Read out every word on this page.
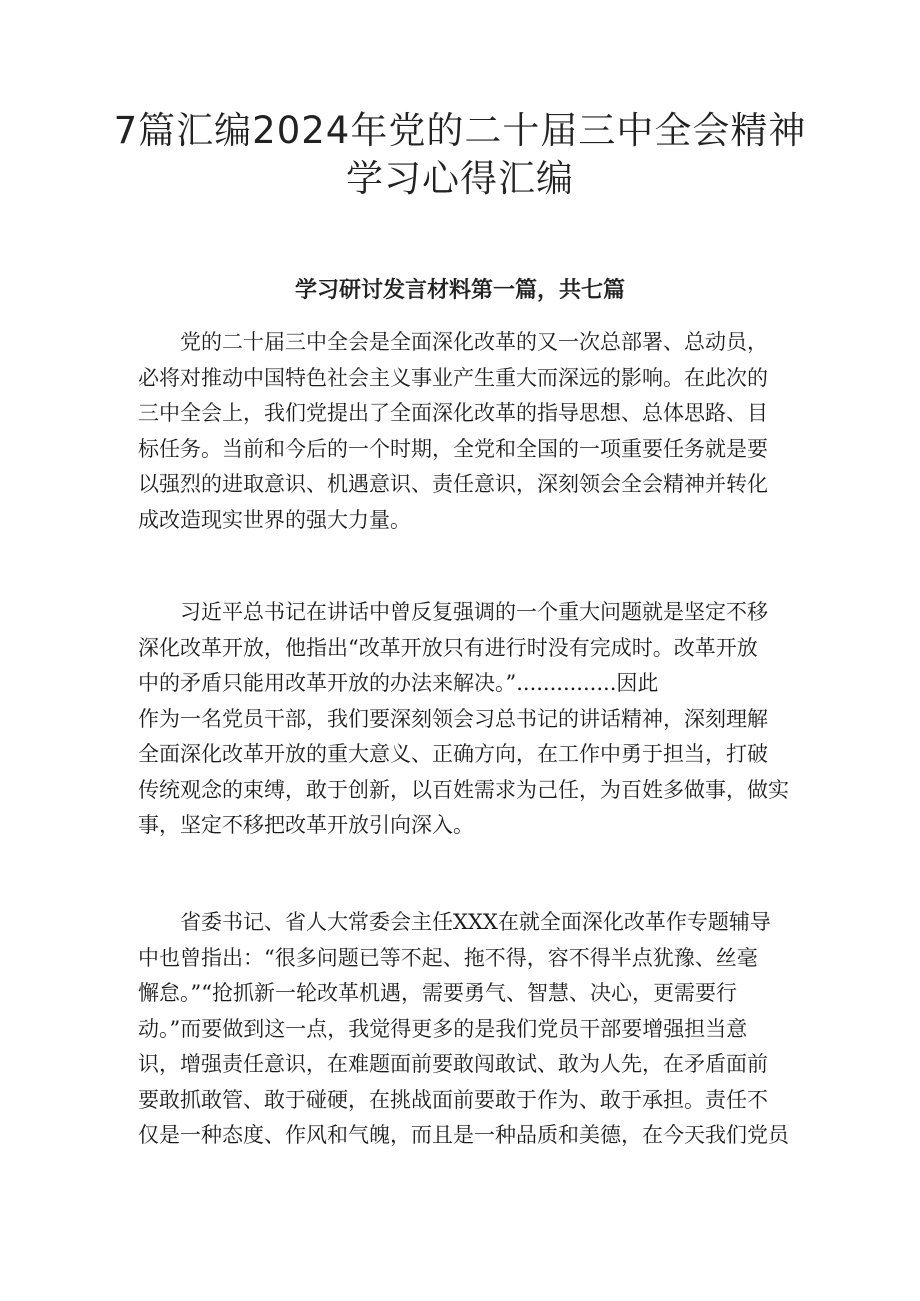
7篇汇编2024年党的二十届三中全会精神
学习心得汇编
学习研讨发言材料第一篇，共七篇
　　党的二十届三中全会是全面深化改革的又一次总部署、总动员，
必将对推动中国特色社会主义事业产生重大而深远的影响。在此次的
三中全会上，我们党提出了全面深化改革的指导思想、总体思路、目
标任务。当前和今后的一个时期，全党和全国的一项重要任务就是要
以强烈的进取意识、机遇意识、责任意识，深刻领会全会精神并转化
成改造现实世界的强大力量。
　　习近平总书记在讲话中曾反复强调的一个重大问题就是坚定不移
深化改革开放，他指出“改革开放只有进行时没有完成时。改革开放
中的矛盾只能用改革开放的办法来解决。”...............因此
作为一名党员干部，我们要深刻领会习总书记的讲话精神，深刻理解
全面深化改革开放的重大意义、正确方向，在工作中勇于担当，打破
传统观念的束缚，敢于创新，以百姓需求为己任，为百姓多做事，做实
事，坚定不移把改革开放引向深入。
　　省委书记、省人大常委会主任XXX在就全面深化改革作专题辅导
中也曾指出：“很多问题已等不起、拖不得，容不得半点犹豫、丝毫
懈怠。”“抢抓新一轮改革机遇，需要勇气、智慧、决心，更需要行
动。”而要做到这一点，我觉得更多的是我们党员干部要增强担当意
识，增强责任意识，在难题面前要敢闯敢试、敢为人先，在矛盾面前
要敢抓敢管、敢于碰硬，在挑战面前要敢于作为、敢于承担。责任不
仅是一种态度、作风和气魄，而且是一种品质和美德，在今天我们党员
